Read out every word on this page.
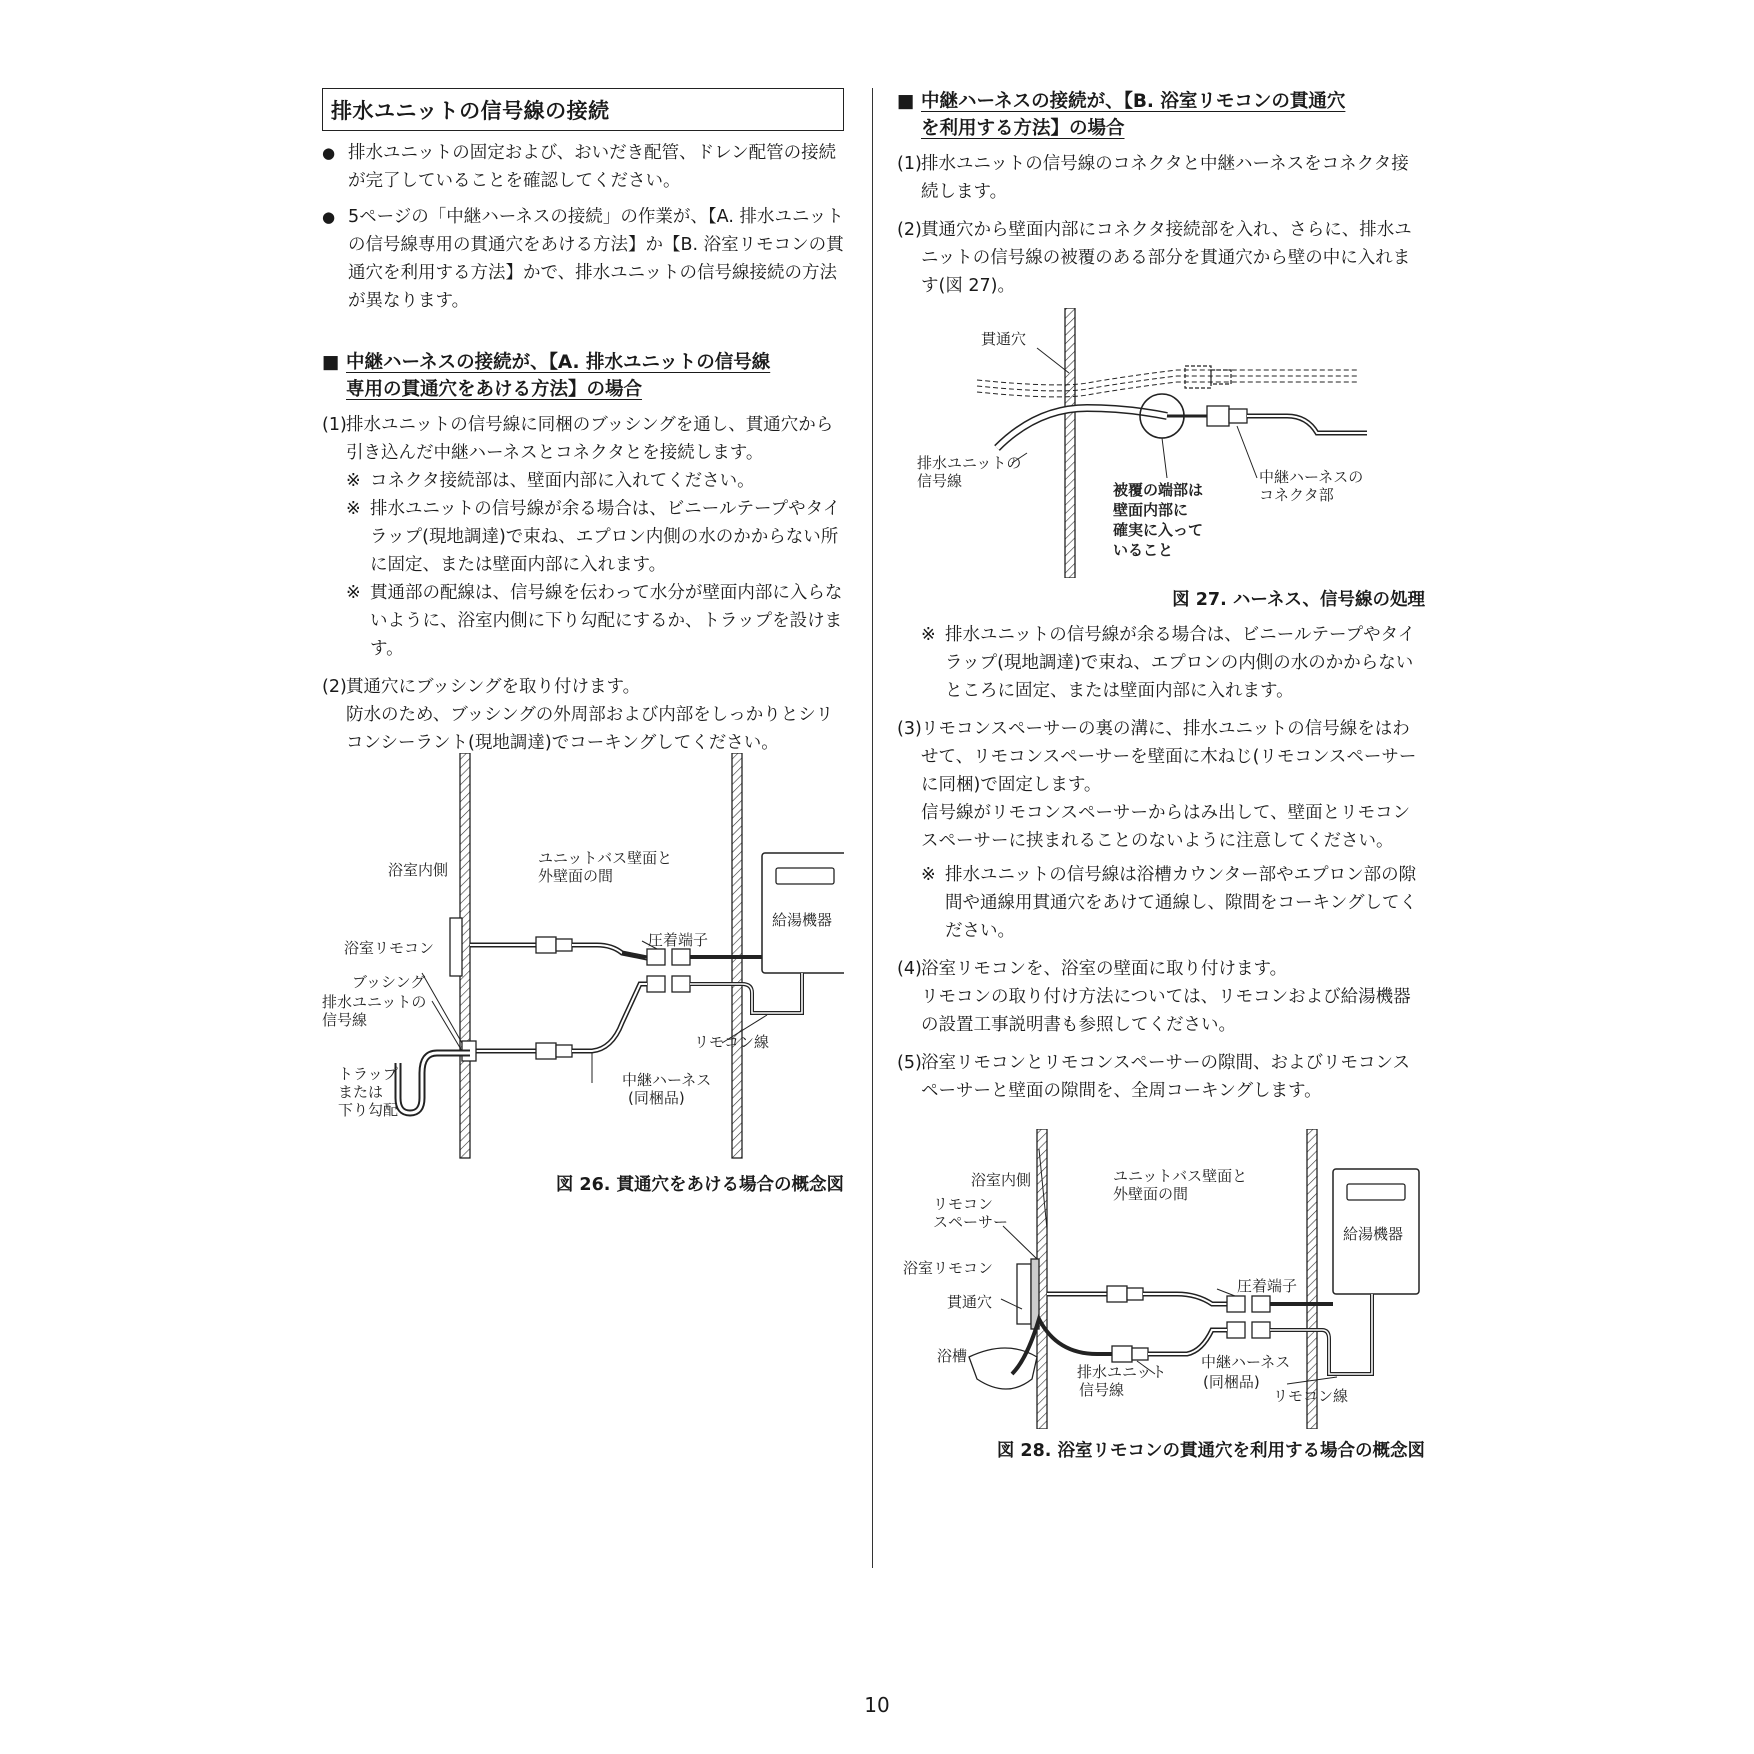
排水ユニットの信号線の接続
● 排水ユニットの固定および、おいだき配管、ドレン配管の接続が完了していることを確認してください。
● 5ページの「中継ハーネスの接続」の作業が、【A. 排水ユニットの信号線専用の貫通穴をあける方法】か【B. 浴室リモコンの貫通穴を利用する方法】かで、排水ユニットの信号線接続の方法が異なります。
■ 中継ハーネスの接続が、【A. 排水ユニットの信号線
専用の貫通穴をあける方法】の場合
(1) 排水ユニットの信号線に同梱のブッシングを通し、貫通穴から引き込んだ中継ハーネスとコネクタとを接続します。

※ コネクタ接続部は、壁面内部に入れてください。
※ 排水ユニットの信号線が余る場合は、ビニールテープやタイラップ(現地調達)で束ね、エプロン内側の水のかからない所に固定、または壁面内部に入れます。
※ 貫通部の配線は、信号線を伝わって水分が壁面内部に入らないように、浴室内側に下り勾配にするか、トラップを設けます。
(2) 貫通穴にブッシングを取り付けます。

防水のため、ブッシングの外周部および内部をしっかりとシリコンシーラント(現地調達)でコーキングしてください。

浴室内側
ユニットバス壁面と
外壁面の間
給湯機器
浴室リモコン	圧着端子
ブッシング
排水ユニットの
信号線
リモコン線
トラップ
または
下り勾配
中継ハーネス
(同梱品)
図 26. 貫通穴をあける場合の概念図
■ 中継ハーネスの接続が、【B. 浴室リモコンの貫通穴
を利用する方法】の場合
(1) 排水ユニットの信号線のコネクタと中継ハーネスをコネクタ接続します。

(2) 貫通穴から壁面内部にコネクタ接続部を入れ、さらに、排水ユニットの信号線の被覆のある部分を貫通穴から壁の中に入れます(図 27)。

貫通穴
排水ユニットの
信号線	被覆の端部は
壁面内部に
確実に入って
いること
中継ハーネスの
コネクタ部
図 27. ハーネス、信号線の処理
※ 排水ユニットの信号線が余る場合は、ビニールテープやタイラップ(現地調達)で束ね、エプロンの内側の水のかからないところに固定、または壁面内部に入れます。
(3) リモコンスペーサーの裏の溝に、排水ユニットの信号線をはわせて、リモコンスペーサーを壁面に木ねじ(リモコンスペーサーに同梱)で固定します。

信号線がリモコンスペーサーからはみ出して、壁面とリモコンスペーサーに挟まれることのないように注意してください。

※ 排水ユニットの信号線は浴槽カウンター部やエプロン部の隙間や通線用貫通穴をあけて通線し、隙間をコーキングしてください。
(4) 浴室リモコンを、浴室の壁面に取り付けます。

リモコンの取り付け方法については、リモコンおよび給湯機器の設置工事説明書も参照してください。

(5) 浴室リモコンとリモコンスペーサーの隙間、およびリモコンスペーサーと壁面の隙間を、全周コーキングします。

浴室内側
リモコン
スペーサー
浴室リモコン
貫通穴
浴槽
ユニットバス壁面と
外壁面の間
給湯機器
圧着端子
排水ユニット
信号線
中継ハーネス
(同梱品)
リモコン線
図 28. 浴室リモコンの貫通穴を利用する場合の概念図
10
